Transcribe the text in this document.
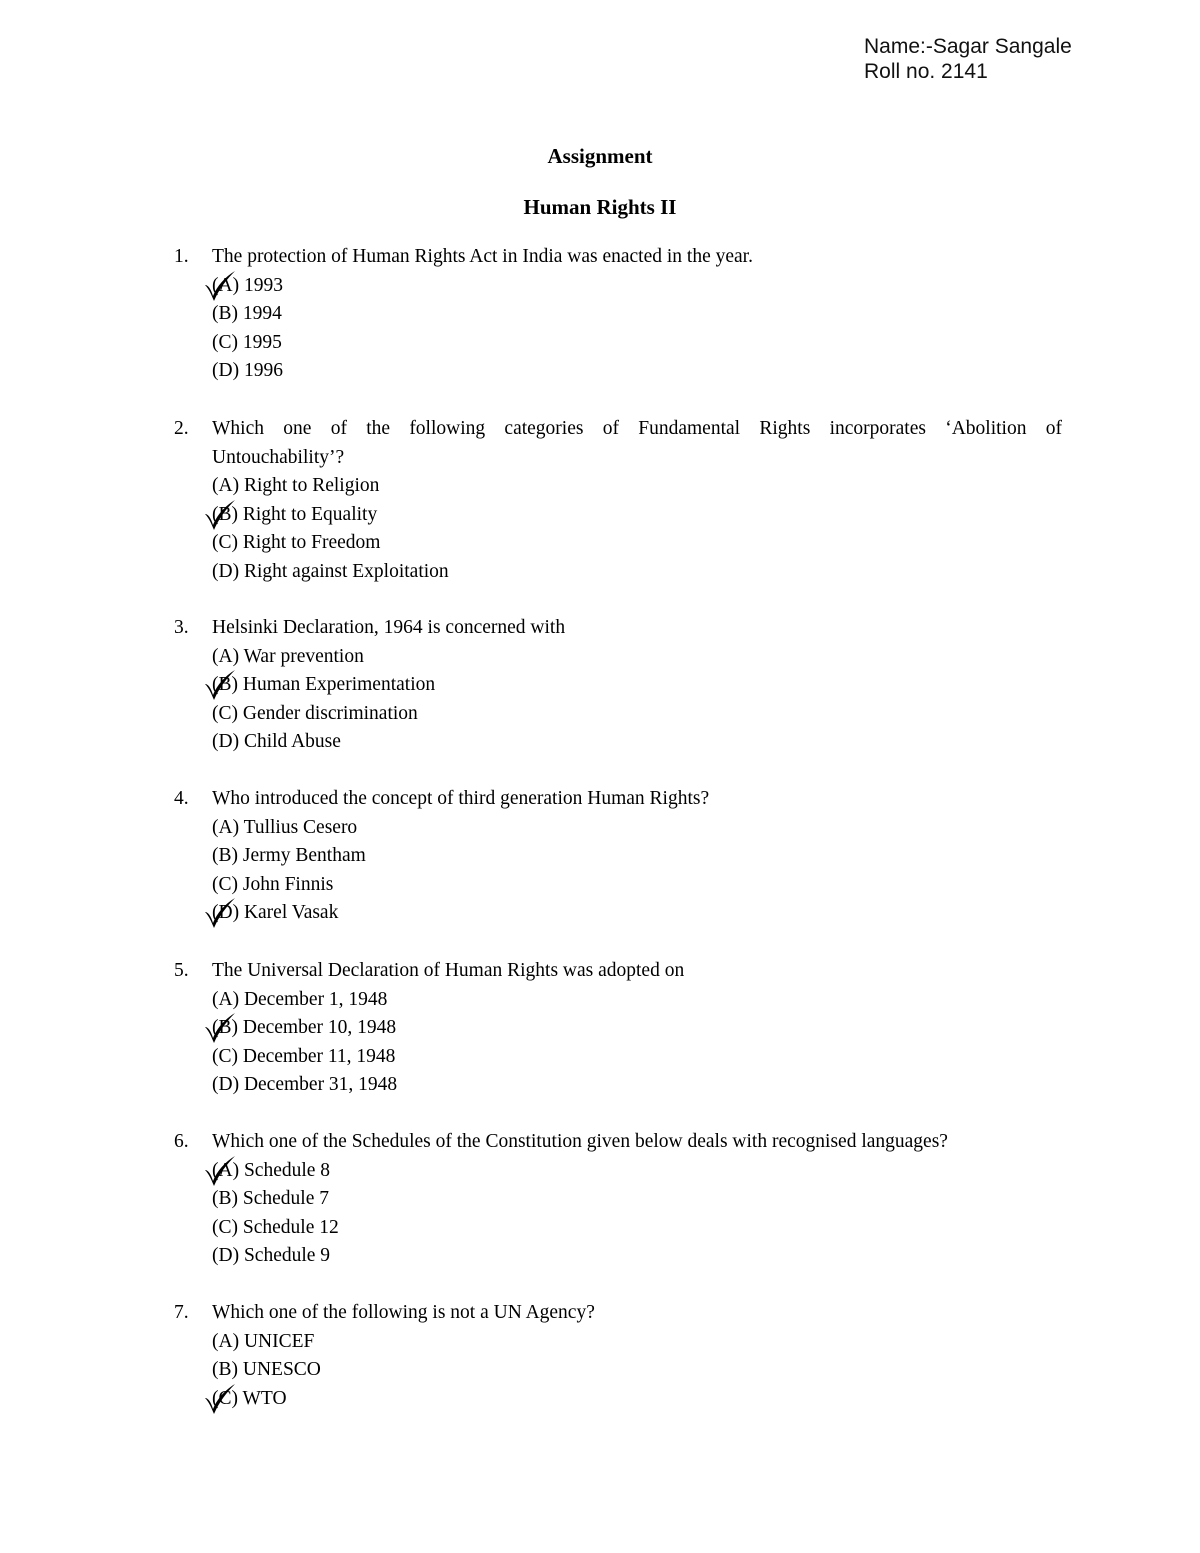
Name:-Sagar Sangale
Roll no. 2141
Assignment
Human Rights II
1. The protection of Human Rights Act in India was enacted in the year.
(A) 1993
(B) 1994
(C) 1995
(D) 1996
2. Which one of the following categories of Fundamental Rights incorporates ‘Abolition of
Untouchability’?
(A) Right to Religion
(B) Right to Equality
(C) Right to Freedom
(D) Right against Exploitation
3. Helsinki Declaration, 1964 is concerned with
(A) War prevention
(B) Human Experimentation
(C) Gender discrimination
(D) Child Abuse
4. Who introduced the concept of third generation Human Rights?
(A) Tullius Cesero
(B) Jermy Bentham
(C) John Finnis
(D) Karel Vasak
5. The Universal Declaration of Human Rights was adopted on
(A) December 1, 1948
(B) December 10, 1948
(C) December 11, 1948
(D) December 31, 1948
6. Which one of the Schedules of the Constitution given below deals with recognised languages?
(A) Schedule 8
(B) Schedule 7
(C) Schedule 12
(D) Schedule 9
7. Which one of the following is not a UN Agency?
(A) UNICEF
(B) UNESCO
(C) WTO
